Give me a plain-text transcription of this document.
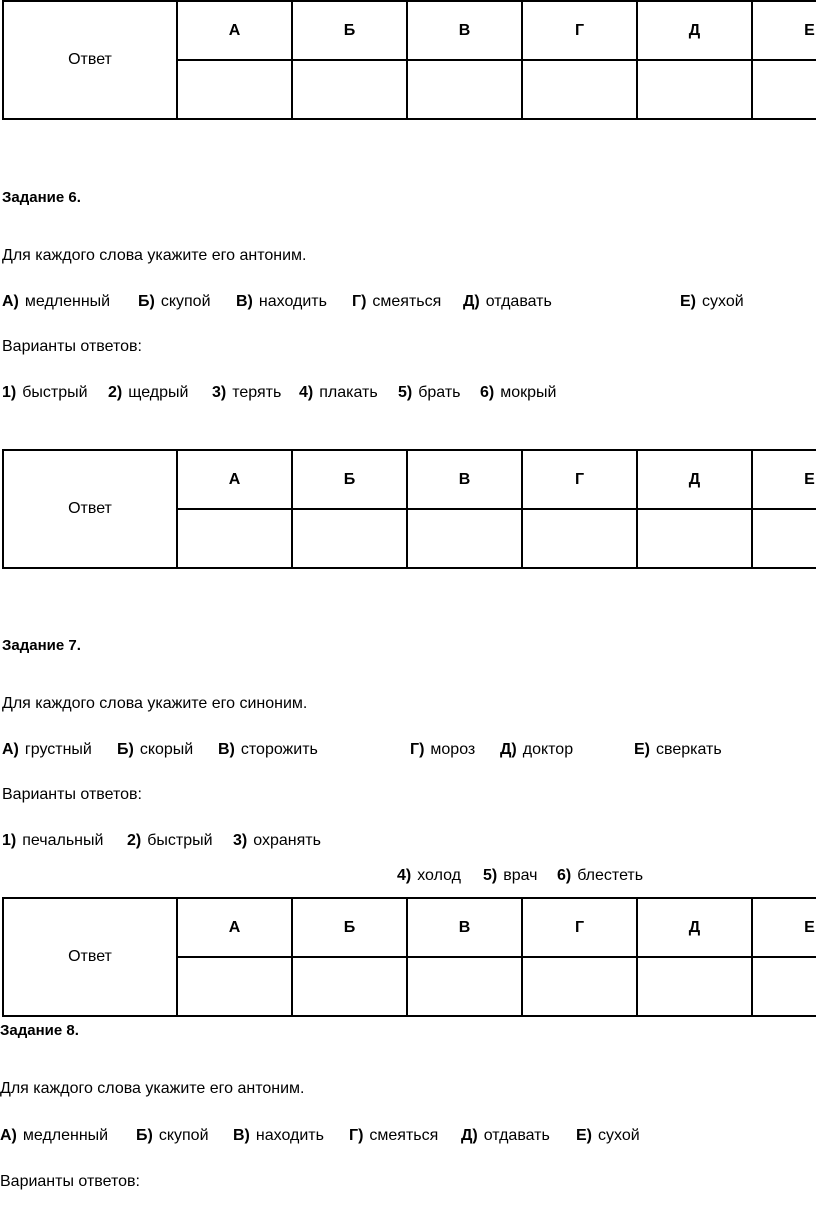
Ответ	А	Б	В	Г	Д	Е

Задание 6.
Для каждого слова укажите его антоним.
А) медленный Б) скупой В) находить Г) смеяться Д) отдавать	Е) сухой
Варианты ответов:
1) быстрый 2) щедрый 3) терять 4) плакать 5) брать 6) мокрый
Ответ	А	Б	В	Г	Д	Е

Задание 7.
Для каждого слова укажите его синоним.
А) грустный Б) скорый В) сторожить	Г) мороз Д) доктор	Е) сверкать
Варианты ответов:
1) печальный 2) быстрый 3) охранять
4) холод 5) врач 6) блестеть
Ответ	А	Б	В	Г	Д	Е

Задание 8.
Для каждого слова укажите его антоним.
А) медленный Б) скупой В) находить Г) смеяться Д) отдавать Е) сухой
Варианты ответов:
